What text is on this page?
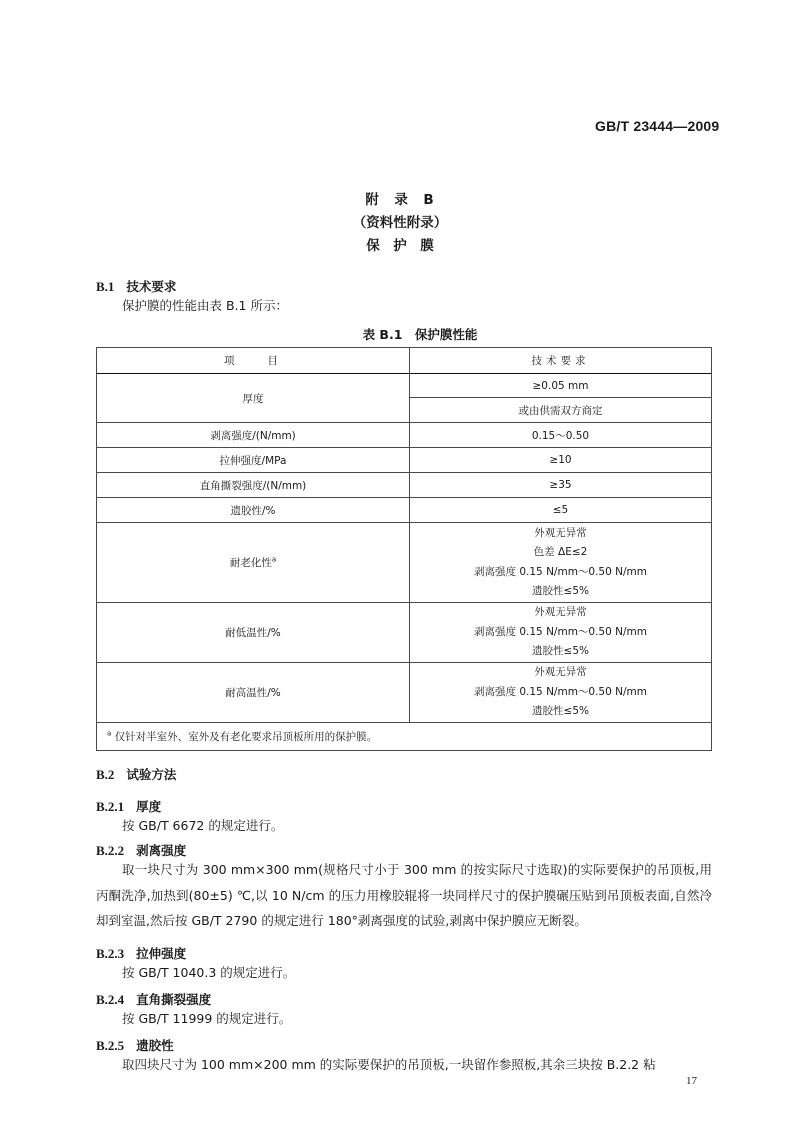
GB/T 23444—2009
附　录　B
（资料性附录）
保　护　膜
B.1 技术要求
保护膜的性能由表 B.1 所示：
表 B.1　保护膜性能
项　　目	技术要求
厚度	≥0.05 mm
	或由供需双方商定
剥离强度/(N/mm)	0.15～0.50
拉伸强度/MPa	≥10
直角撕裂强度/(N/mm)	≥35
遗胶性/%	≤5
耐老化性$^a$	外观无异常
色差 ΔE≤2
剥离强度 0.15 N/mm～0.50 N/mm
遗胶性≤5%

耐低温性/%	外观无异常
剥离强度 0.15 N/mm～0.50 N/mm
遗胶性≤5%

耐高温性/%	外观无异常
剥离强度 0.15 N/mm～0.50 N/mm
遗胶性≤5%

$^a$ 仅针对半室外、室外及有老化要求吊顶板所用的保护膜。	
B.2 试验方法
B.2.1 厚度
按 GB/T 6672 的规定进行。
B.2.2 剥离强度
取一块尺寸为 300 mm×300 mm(规格尺寸小于 300 mm 的按实际尺寸选取)的实际要保护的吊顶板,用丙酮洗净,加热到(80±5) ℃,以 10 N/cm 的压力用橡胶辊将一块同样尺寸的保护膜碾压贴到吊顶板表面,自然冷却到室温,然后按 GB/T 2790 的规定进行 180°剥离强度的试验,剥离中保护膜应无断裂。
B.2.3 拉伸强度
按 GB/T 1040.3 的规定进行。
B.2.4 直角撕裂强度
按 GB/T 11999 的规定进行。
B.2.5 遗胶性
取四块尺寸为 100 mm×200 mm 的实际要保护的吊顶板,一块留作参照板,其余三块按 B.2.2 粘
17
